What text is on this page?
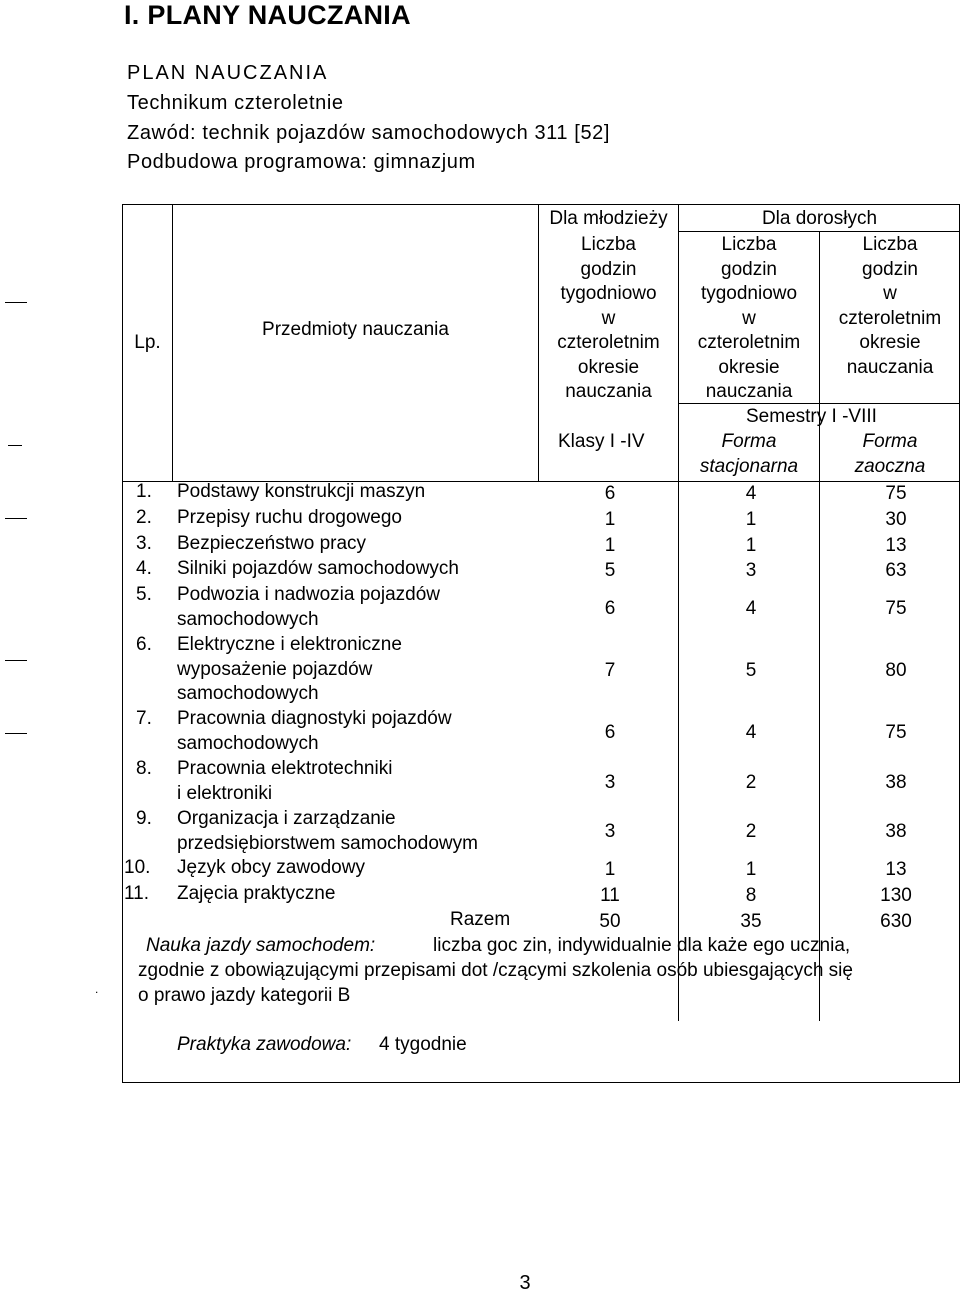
I. PLANY NAUCZANIA
PLAN NAUCZANIA
Technikum czteroletnie
Zawód: technik pojazdów samochodowych 311 [52]
Podbudowa programowa: gimnazjum
.
Lp.
Przedmioty nauczania
Dla młodzieży	Dla dorosłych
Liczba
godzin
tygodniowo
w
czteroletnim
okresie
nauczania
Liczba
godzin
tygodniowo
w
czteroletnim
okresie
nauczania
Liczba
godzin
w
czteroletnim
okresie
nauczania
Semestry I -VIII
Klasy I -IV	Forma
stacjonarna
Forma
zaoczna
1. Podstawy konstrukcji maszyn	6	4	75
2. Przepisy ruchu drogowego	1	1	30
3. Bezpieczeństwo pracy	1	1	13
4. Silniki pojazdów samochodowych	5	3	63
5. Podwozia i nadwozia pojazdów
samochodowych	6	4	75
6. Elektryczne i elektroniczne
wyposażenie pojazdów
samochodowych
7	5	80
7. Pracownia diagnostyki pojazdów
samochodowych	6	4	75
8. Pracownia elektrotechniki
i elektroniki	3	2	38
9. Organizacja i zarządzanie
przedsiębiorstwem samochodowym
3	2	38
10. Język obcy zawodowy	1	1	13
11. Zajęcia praktyczne	11	8	130
Razem	50	35	630
Nauka jazdy samochodem:	liczba goc zin, indywidualnie dla każe ego ucznia,
zgodnie z obowiązującymi przepisami dot /czącymi szkolenia osób ubiesgających się
o prawo jazdy kategorii B
Praktyka zawodowa: 4 tygodnie
3
